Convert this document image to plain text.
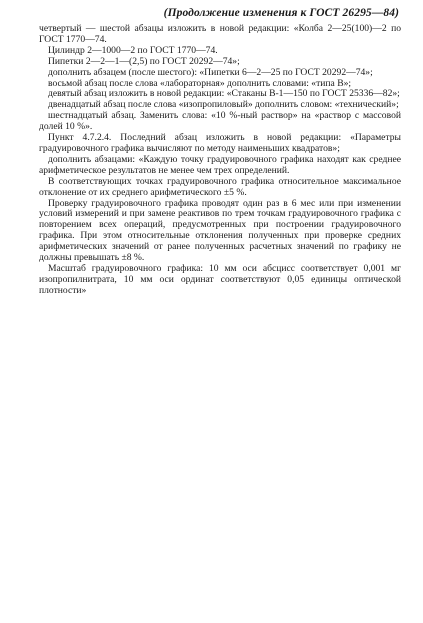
(Продолжение изменения к ГОСТ 26295—84)

четвертый — шестой абзацы изложить в новой редакции: «Колба 2—25(100)—2 по ГОСТ 1770—74.

Цилиндр 2—1000—2 по ГОСТ 1770—74.

Пипетки 2—2—1—(2,5) по ГОСТ 20292—74»;

дополнить абзацем (после шестого): «Пипетки 6—2—25 по ГОСТ 20292—74»;

восьмой абзац после слова «лабораторная» дополнить словами: «типа В»;

девятый абзац изложить в новой редакции: «Стаканы В-1—150 по ГОСТ 25336—82»;

двенадцатый абзац после слова «изопропиловый» дополнить словом: «технический»;

шестнадцатый абзац. Заменить слова: «10 %-ный раствор» на «раствор с массовой долей 10 %».

Пункт 4.7.2.4. Последний абзац изложить в новой редакции: «Параметры градуировочного графика вычисляют по методу наименьших квадратов»;

дополнить абзацами: «Каждую точку градуировочного графика находят как среднее арифметическое результатов не менее чем трех определений.

В соответствующих точках градуировочного графика относительное максимальное отклонение от их среднего арифметического ±5 %.

Проверку градуировочного графика проводят один раз в 6 мес или при изменении условий измерений и при замене реактивов по трем точкам градуировочного графика с повторением всех операций, предусмотренных при построении градуировочного графика. При этом относительные отклонения полученных при проверке средних арифметических значений от ранее полученных расчетных значений по графику не должны превышать ±8 %.

Масштаб градуировочного графика: 10 мм оси абсцисс соответствует 0,001 мг изопропилнитрата, 10 мм оси ординат соответствуют 0,05 единицы оптической плотности»
